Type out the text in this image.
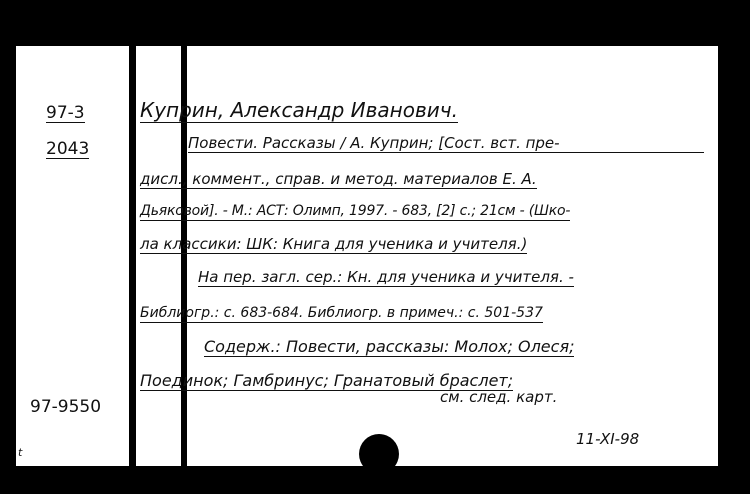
97-3
2043
97-9550
Куприн, Александр Иванович.
Повести. Рассказы / А. Куприн; [Сост. вст. пре-
дисл., коммент., справ. и метод. материалов Е. А.
Дьяковой]. - М.: АСТ: Олимп, 1997. - 683, [2] с.; 21см - (Шко-
ла классики: ШК: Книга для ученика и учителя.)
На пер. загл. сер.: Кн. для ученика и учителя. -
Библиогр.: с. 683-684. Библиогр. в примеч.: с. 501-537
Содерж.: Повести, рассказы: Молох; Олеся;
Поединок; Гамбринус; Гранатовый браслет;
см. след. карт.
11-XI-98
t
